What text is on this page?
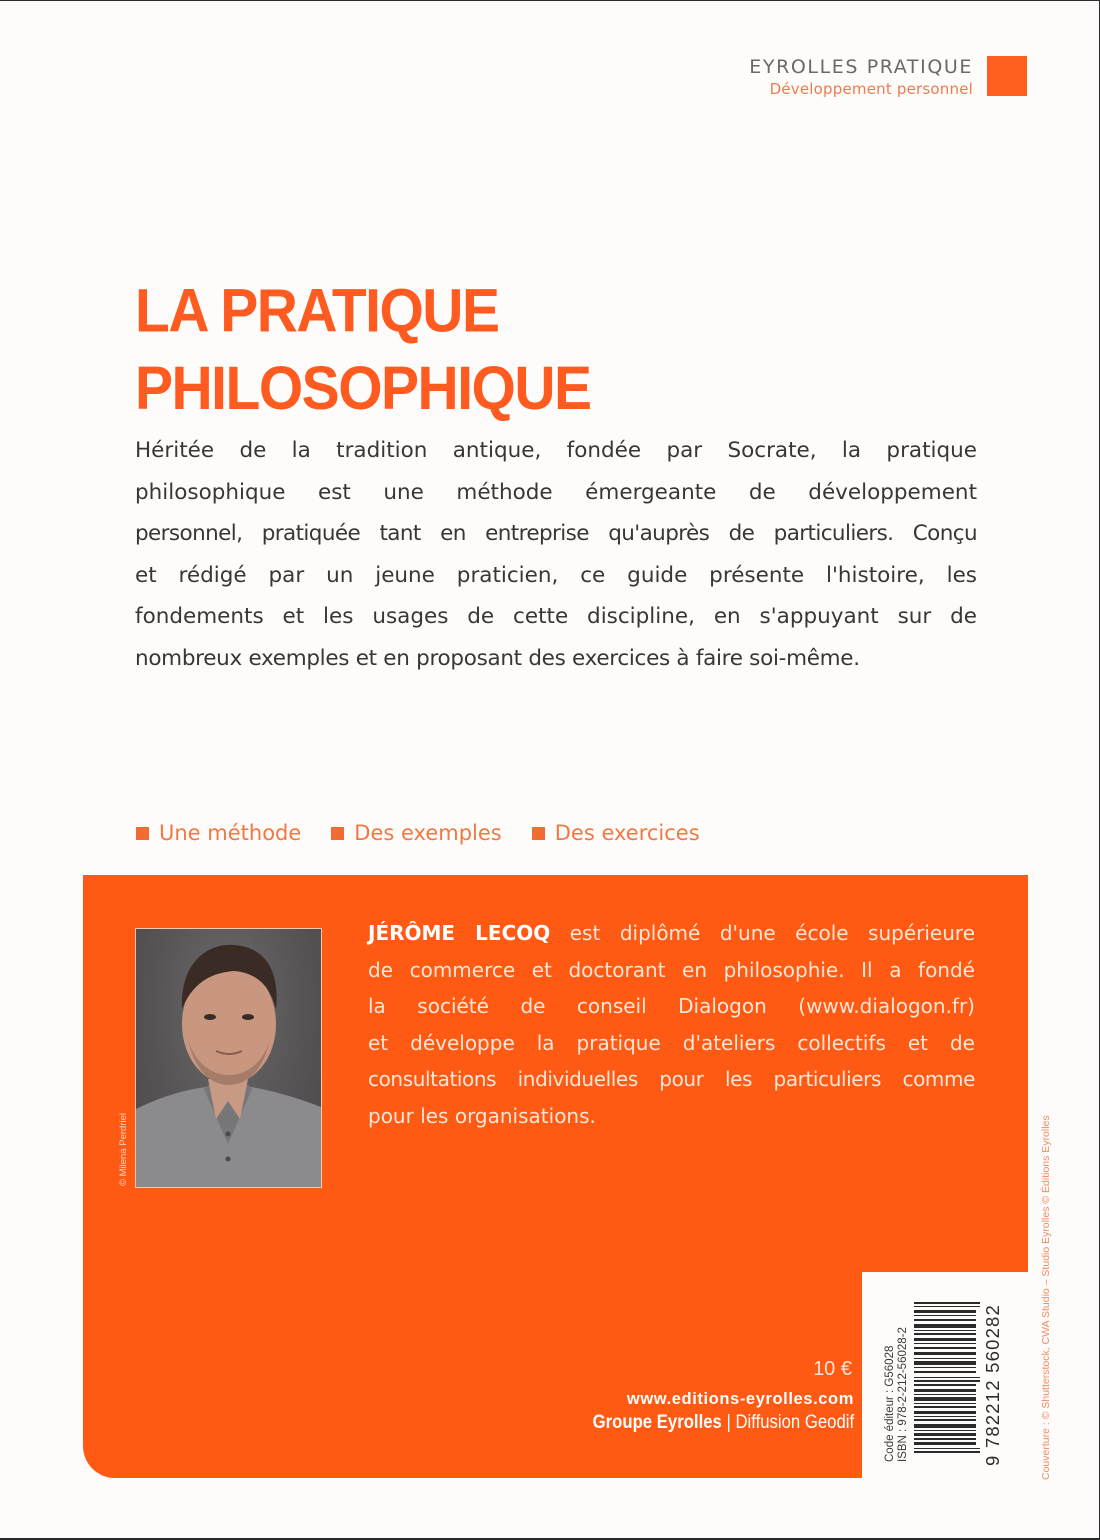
EYROLLES PRATIQUE
Développement personnel
LA PRATIQUE
PHILOSOPHIQUE
Héritée de la tradition antique, fondée par Socrate, la pratique
philosophique est une méthode émergeante de développement
personnel, pratiquée tant en entreprise qu'auprès de particuliers. Conçu
et rédigé par un jeune praticien, ce guide présente l'histoire, les
fondements et les usages de cette discipline, en s'appuyant sur de
nombreux exemples et en proposant des exercices à faire soi-même.
Une méthode	Des exemples	Des exercices
© Milena Perdriel
JÉRÔME LECOQ est diplômé d'une école supérieure
de commerce et doctorant en philosophie. Il a fondé
la société de conseil Dialogon (www.dialogon.fr)
et développe la pratique d'ateliers collectifs et de
consultations individuelles pour les particuliers comme
pour les organisations.
10 €
www.editions-eyrolles.com
Groupe Eyrolles | Diffusion Geodif	Code éditeur : G56028 ISBN : 978-2-212-56028-2	9 782212 560282	Couverture : © Shutterstock, CWA Studio – Studio Eyrolles © Éditions Eyrolles
